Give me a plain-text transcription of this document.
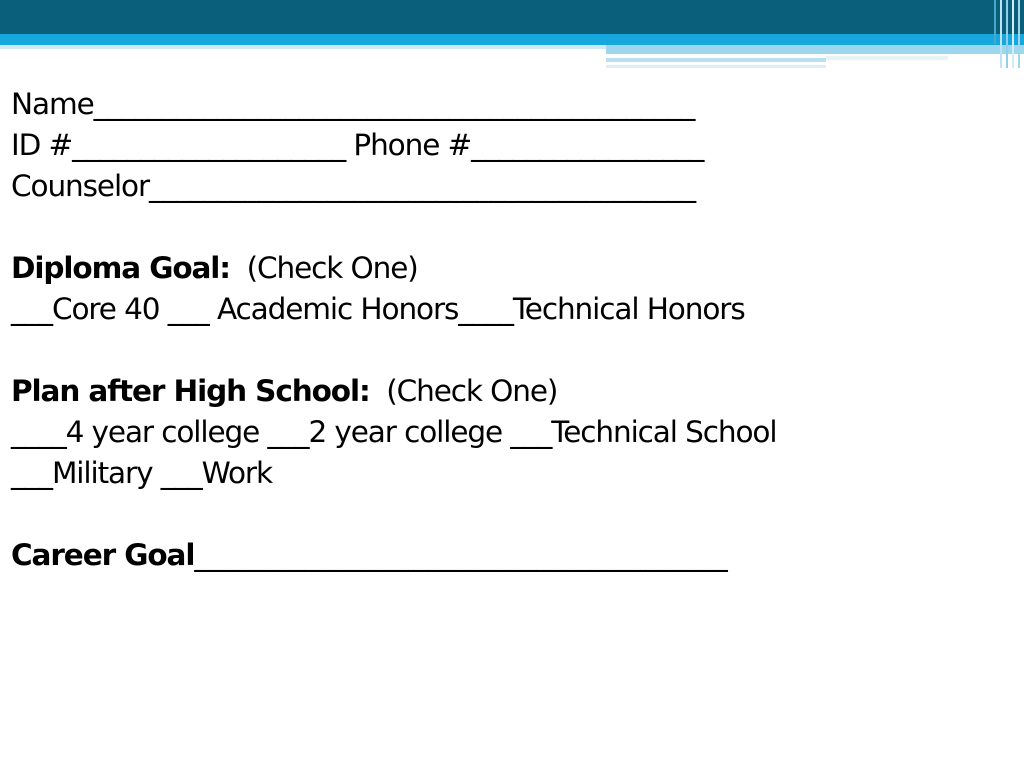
Name____________________________________________
ID #____________________ Phone #_________________
Counselor________________________________________
Diploma Goal:  (Check One)
___Core 40 ___ Academic Honors____Technical Honors
Plan after High School:  (Check One)
____4 year college ___2 year college ___Technical School
___Military ___Work
Career Goal_______________________________________
